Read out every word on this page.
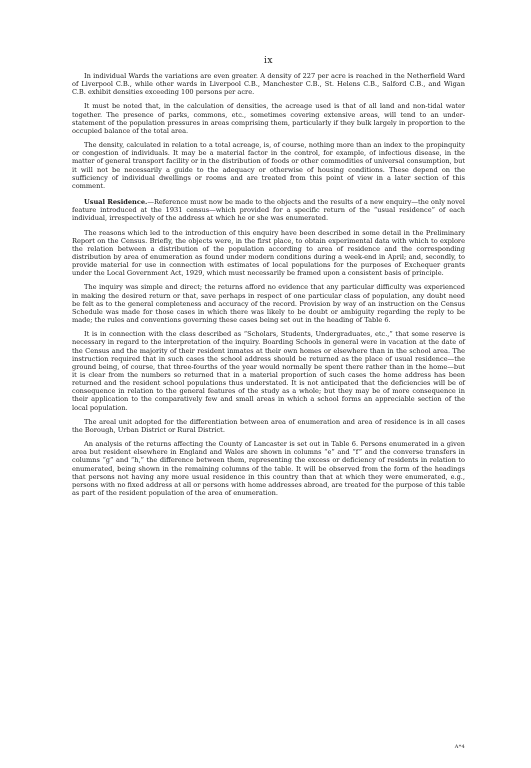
ix

In individual Wards the variations are even greater. A density of 227 per acre is reached in the Netherfield Ward of Liverpool C.B., while other wards in Liverpool C.B., Manchester C.B., St. Helens C.B., Salford C.B., and Wigan C.B. exhibit densities exceeding 100 persons per acre.

It must be noted that, in the calculation of densities, the acreage used is that of all land and non-tidal water together. The presence of parks, commons, etc., sometimes covering extensive areas, will tend to an under-statement of the population pressures in areas comprising them, particularly if they bulk largely in proportion to the occupied balance of the total area.

The density, calculated in relation to a total acreage, is, of course, nothing more than an index to the propinquity or congestion of individuals. It may be a material factor in the control, for example, of infectious disease, in the matter of general transport facility or in the distribution of foods or other commodities of universal consumption, but it will not be necessarily a guide to the adequacy or otherwise of housing conditions. These depend on the sufficiency of individual dwellings or rooms and are treated from this point of view in a later section of this comment.

Usual Residence.—Reference must now be made to the objects and the results of a new enquiry—the only novel feature introduced at the 1931 census—which provided for a specific return of the “usual residence” of each individual, irrespectively of the address at which he or she was enumerated.

The reasons which led to the introduction of this enquiry have been described in some detail in the Preliminary Report on the Census. Briefly, the objects were, in the first place, to obtain experimental data with which to explore the relation between a distribution of the population according to area of residence and the corresponding distribution by area of enumeration as found under modern conditions during a week-end in April; and, secondly, to provide material for use in connection with estimates of local populations for the purposes of Exchequer grants under the Local Government Act, 1929, which must necessarily be framed upon a consistent basis of principle.

The inquiry was simple and direct; the returns afford no evidence that any particular difficulty was experienced in making the desired return or that, save perhaps in respect of one particular class of population, any doubt need be felt as to the general completeness and accuracy of the record. Provision by way of an instruction on the Census Schedule was made for those cases in which there was likely to be doubt or ambiguity regarding the reply to be made; the rules and conventions governing these cases being set out in the heading of Table 6.

It is in connection with the class described as “Scholars, Students, Undergraduates, etc.,” that some reserve is necessary in regard to the interpretation of the inquiry. Boarding Schools in general were in vacation at the date of the Census and the majority of their resident inmates at their own homes or elsewhere than in the school area. The instruction required that in such cases the school address should be returned as the place of usual residence—the ground being, of course, that three-fourths of the year would normally be spent there rather than in the home—but it is clear from the numbers so returned that in a material proportion of such cases the home address has been returned and the resident school populations thus understated. It is not anticipated that the deficiencies will be of consequence in relation to the general features of the study as a whole; but they may be of more consequence in their application to the comparatively few and small areas in which a school forms an appreciable section of the local population.

The areal unit adopted for the differentiation between area of enumeration and area of residence is in all cases the Borough, Urban District or Rural District.

An analysis of the returns affecting the County of Lancaster is set out in Table 6. Persons enumerated in a given area but resident elsewhere in England and Wales are shown in columns “e” and “f” and the converse transfers in columns “g” and “h,” the difference between them, representing the excess or deficiency of residents in relation to enumerated, being shown in the remaining columns of the table. It will be observed from the form of the headings that persons not having any more usual residence in this country than that at which they were enumerated, e.g., persons with no fixed address at all or persons with home addresses abroad, are treated for the purpose of this table as part of the resident population of the area of enumeration.

A*4
